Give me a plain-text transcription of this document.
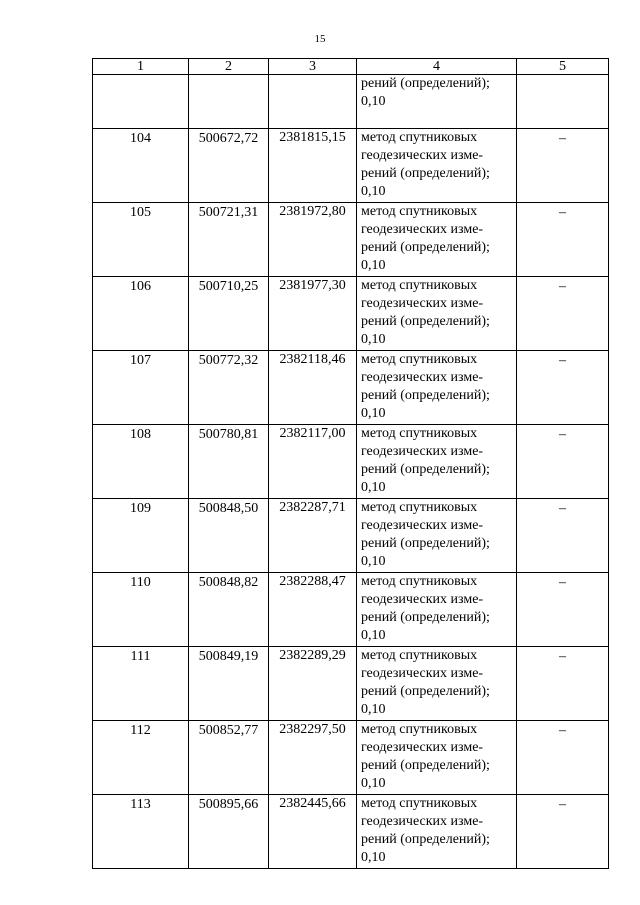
15
1	2	3	4	5

			рений (определений);
0,10	

104	500672,72	2381815,15	метод спутниковых
геодезических изме-
рений (определений);
0,10	–
105	500721,31	2381972,80	метод спутниковых
геодезических изме-
рений (определений);
0,10	–
106	500710,25	2381977,30	метод спутниковых
геодезических изме-
рений (определений);
0,10	–
107	500772,32	2382118,46	метод спутниковых
геодезических изме-
рений (определений);
0,10	–
108	500780,81	2382117,00	метод спутниковых
геодезических изме-
рений (определений);
0,10	–
109	500848,50	2382287,71	метод спутниковых
геодезических изме-
рений (определений);
0,10	–
110	500848,82	2382288,47	метод спутниковых
геодезических изме-
рений (определений);
0,10	–
111	500849,19	2382289,29	метод спутниковых
геодезических изме-
рений (определений);
0,10	–
112	500852,77	2382297,50	метод спутниковых
геодезических изме-
рений (определений);
0,10	–
113	500895,66	2382445,66	метод спутниковых
геодезических изме-
рений (определений);
0,10	–
